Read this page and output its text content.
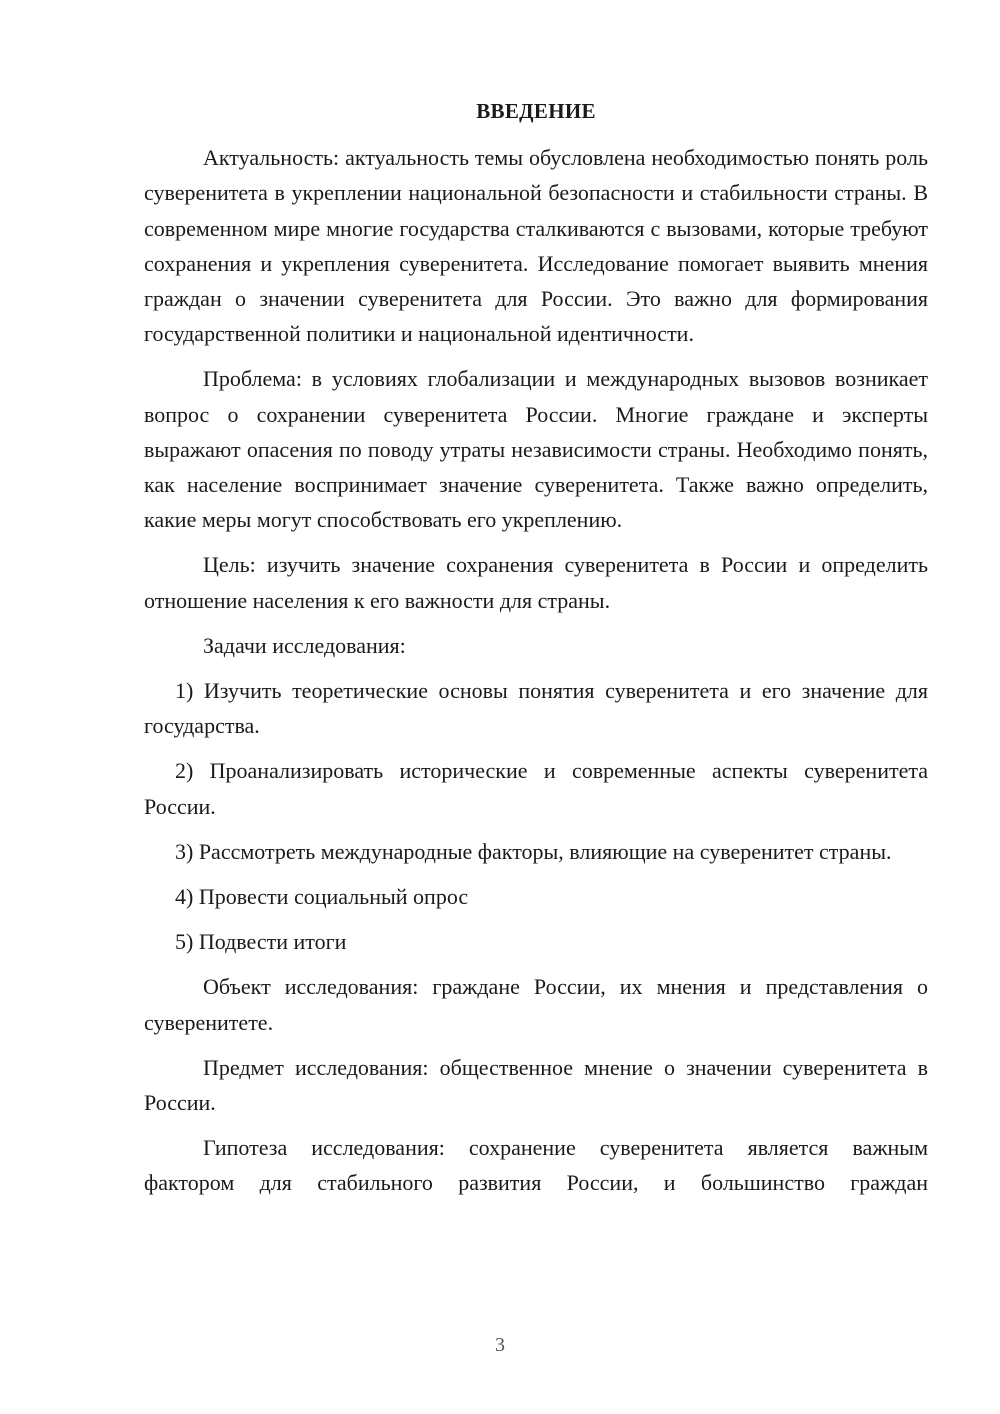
ВВЕДЕНИЕ

Актуальность: актуальность темы обусловлена необходимостью понять роль суверенитета в укреплении национальной безопасности и стабильности страны. В современном мире многие государства сталкиваются с вызовами, которые требуют сохранения и укрепления суверенитета. Исследование помогает выявить мнения граждан о значении суверенитета для России. Это важно для формирования государственной политики и национальной идентичности.

Проблема: в условиях глобализации и международных вызовов возникает вопрос о сохранении суверенитета России. Многие граждане и эксперты выражают опасения по поводу утраты независимости страны. Необходимо понять, как население воспринимает значение суверенитета. Также важно определить, какие меры могут способствовать его укреплению.

Цель: изучить значение сохранения суверенитета в России и определить отношение населения к его важности для страны.

Задачи исследования:

1) Изучить теоретические основы понятия суверенитета и его значение для государства.

2) Проанализировать исторические и современные аспекты суверенитета России.

3) Рассмотреть международные факторы, влияющие на суверенитет страны.

4) Провести социальный опрос

5) Подвести итоги

Объект исследования: граждане России, их мнения и представления о суверенитете.

Предмет исследования: общественное мнение о значении суверенитета в России.

Гипотеза исследования: сохранение суверенитета является важным фактором для стабильного развития России, и большинство граждан

3
